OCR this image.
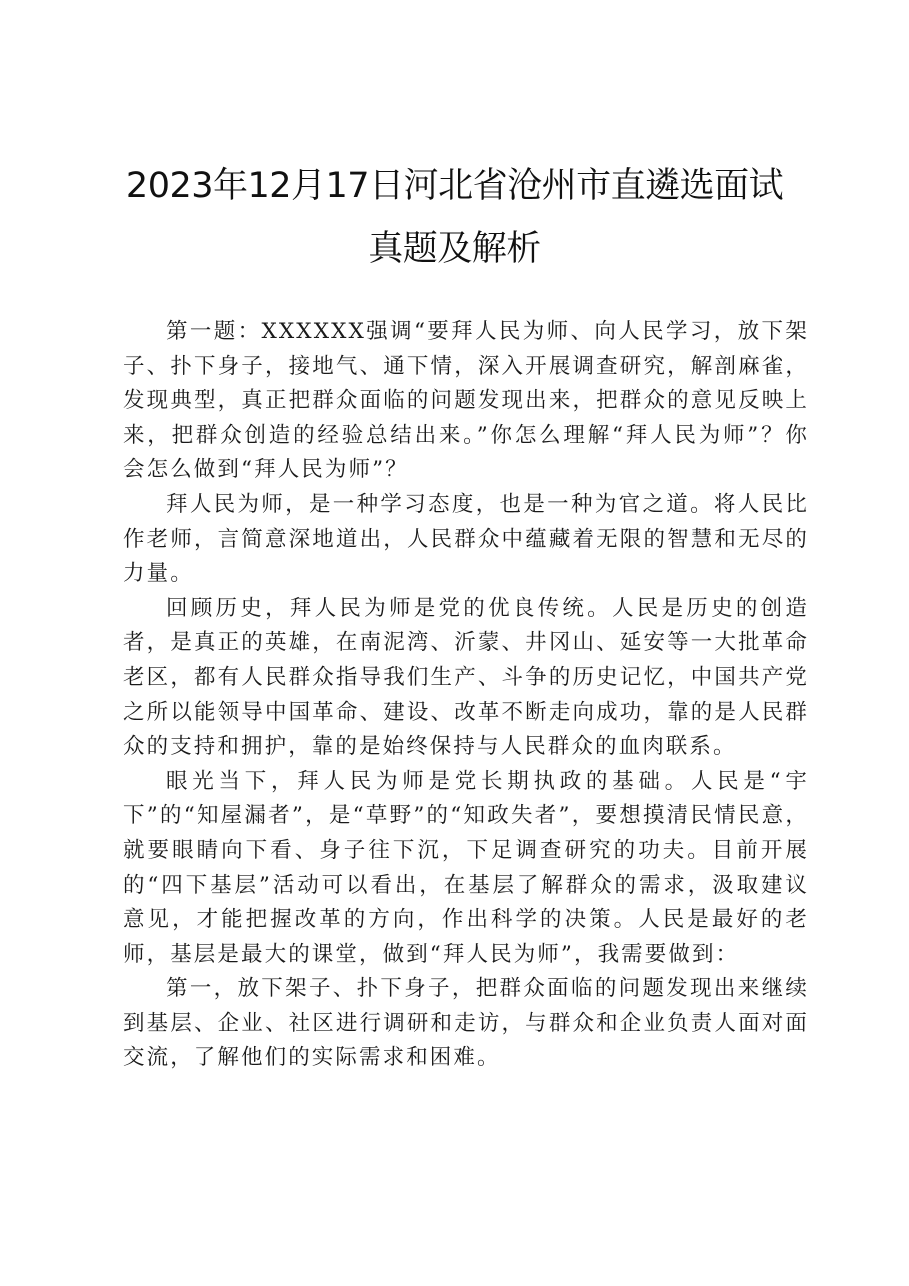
2023年12月17日河北省沧州市直遴选面试
真题及解析

第一题：XXXXXX强调“要拜人民为师、向人民学习，放下架子、扑下身子，接地气、通下情，深入开展调查研究，解剖麻雀，发现典型，真正把群众面临的问题发现出来，把群众的意见反映上来，把群众创造的经验总结出来。”你怎么理解“拜人民为师”？你会怎么做到“拜人民为师”？

拜人民为师，是一种学习态度，也是一种为官之道。将人民比作老师，言简意深地道出，人民群众中蕴藏着无限的智慧和无尽的力量。

回顾历史，拜人民为师是党的优良传统。人民是历史的创造者，是真正的英雄，在南泥湾、沂蒙、井冈山、延安等一大批革命老区，都有人民群众指导我们生产、斗争的历史记忆，中国共产党之所以能领导中国革命、建设、改革不断走向成功，靠的是人民群众的支持和拥护，靠的是始终保持与人民群众的血肉联系。

眼光当下，拜人民为师是党长期执政的基础。人民是“宇下”的“知屋漏者”，是“草野”的“知政失者”，要想摸清民情民意，就要眼睛向下看、身子往下沉，下足调查研究的功夫。目前开展的“四下基层”活动可以看出，在基层了解群众的需求，汲取建议意见，才能把握改革的方向，作出科学的决策。人民是最好的老师，基层是最大的课堂，做到“拜人民为师”，我需要做到：

第一，放下架子、扑下身子，把群众面临的问题发现出来继续到基层、企业、社区进行调研和走访，与群众和企业负责人面对面交流，了解他们的实际需求和困难。
